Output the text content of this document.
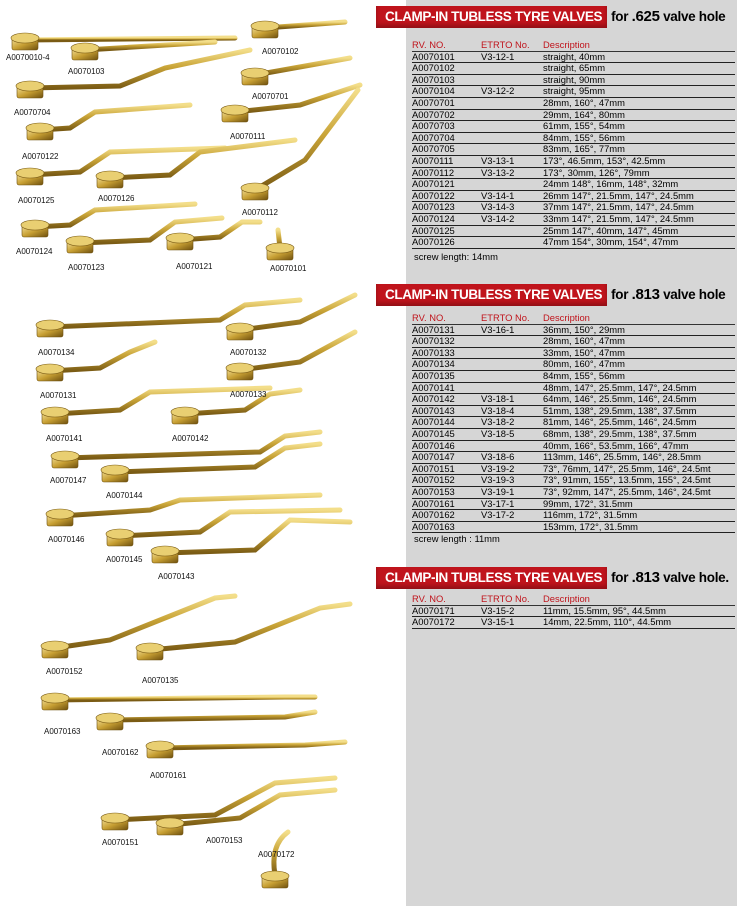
A0070010-4
A0070103
A0070102
A0070704
A0070701
A0070111
A0070122
A0070125	A0070126
A0070112
A0070124
A0070123	A0070121	A0070101
A0070134	A0070132
A0070131	A0070133
A0070141	A0070142
A0070147
A0070144
A0070146
A0070145
A0070143
A0070152
A0070135
A0070163
A0070162
A0070161
A0070151	A0070153
A0070172
CLAMP-IN TUBLESS TYRE VALVES for .625 valve hole
RV. NO.	ETRTO No.	Description
A0070101	V3-12-1	straight, 40mm
A0070102		straight, 65mm
A0070103		straight, 90mm
A0070104	V3-12-2	straight, 95mm
A0070701		28mm, 160°, 47mm
A0070702		29mm, 164°, 80mm
A0070703		61mm, 155°, 54mm
A0070704		84mm, 155°, 56mm
A0070705		83mm, 165°, 77mm
A0070111	V3-13-1	173°, 46.5mm, 153°, 42.5mm
A0070112	V3-13-2	173°, 30mm, 126°, 79mm
A0070121		24mm 148°, 16mm, 148°, 32mm
A0070122	V3-14-1	26mm 147°, 21.5mm, 147°, 24.5mm
A0070123	V3-14-3	37mm 147°, 21.5mm, 147°, 24.5mm
A0070124	V3-14-2	33mm 147°, 21.5mm, 147°, 24.5mm
A0070125		25mm 147°, 40mm, 147°, 45mm
A0070126		47mm 154°, 30mm, 154°, 47mm
screw length: 14mm
CLAMP-IN TUBLESS TYRE VALVES for .813 valve hole
RV. NO.	ETRTO No.	Description
A0070131	V3-16-1	36mm, 150°, 29mm
A0070132		28mm, 160°, 47mm
A0070133		33mm, 150°, 47mm
A0070134		80mm, 160°, 47mm
A0070135		84mm, 155°, 56mm
A0070141		48mm, 147°, 25.5mm, 147°, 24.5mm
A0070142	V3-18-1	64mm, 146°, 25.5mm, 146°, 24.5mm
A0070143	V3-18-4	51mm, 138°, 29.5mm, 138°, 37.5mm
A0070144	V3-18-2	81mm, 146°, 25.5mm, 146°, 24.5mm
A0070145	V3-18-5	68mm, 138°, 29.5mm, 138°, 37.5mm
A0070146		40mm, 166°, 53.5mm, 166°, 47mm
A0070147	V3-18-6	113mm, 146°, 25.5mm, 146°, 28.5mm
A0070151	V3-19-2	73°, 76mm, 147°, 25.5mm, 146°, 24.5mt
A0070152	V3-19-3	73°, 91mm, 155°, 13.5mm, 155°, 24.5mt
A0070153	V3-19-1	73°, 92mm, 147°, 25.5mm, 146°, 24.5mt
A0070161	V3-17-1	99mm, 172°, 31.5mm
A0070162	V3-17-2	116mm, 172°, 31.5mm
A0070163		153mm, 172°, 31.5mm
screw length : 11mm
CLAMP-IN TUBLESS TYRE VALVES for .813 valve hole.
RV. NO.	ETRTO No.	Description
A0070171	V3-15-2	11mm, 15.5mm, 95°, 44.5mm
A0070172	V3-15-1	14mm, 22.5mm, 110°, 44.5mm
